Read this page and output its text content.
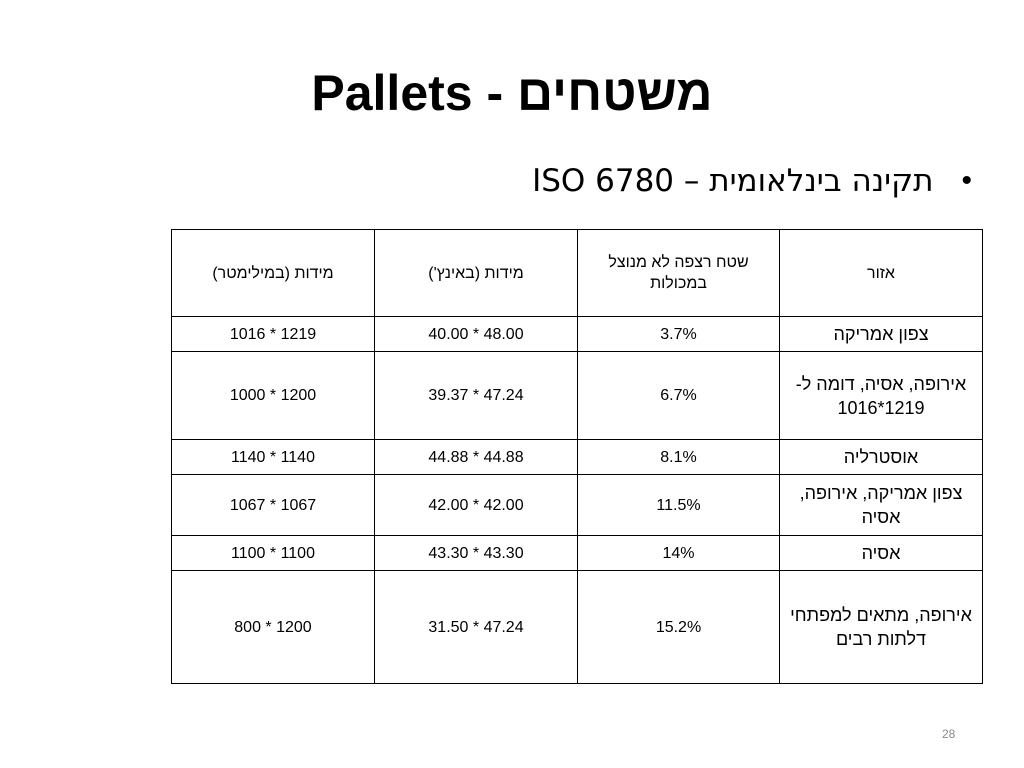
Pallets - משטחים
•
תקינה בינלאומית – ISO 6780
אזור	שטח רצפה לא מנוצל במכולות	מידות (באינץ')	מידות (במילימטר)
צפון אמריקה	3.7%	48.00 * 40.00	1219 * 1016
אירופה, אסיה, דומה ל- 1219*1016	6.7%	47.24 * 39.37	1200 * 1000
אוסטרליה	8.1%	44.88 * 44.88	1140 * 1140
צפון אמריקה, אירופה, אסיה	11.5%	42.00 * 42.00	1067 * 1067
אסיה	14%	43.30 * 43.30	1100 * 1100
אירופה, מתאים למפתחי דלתות רבים	15.2%	47.24 * 31.50	1200 * 800
28
